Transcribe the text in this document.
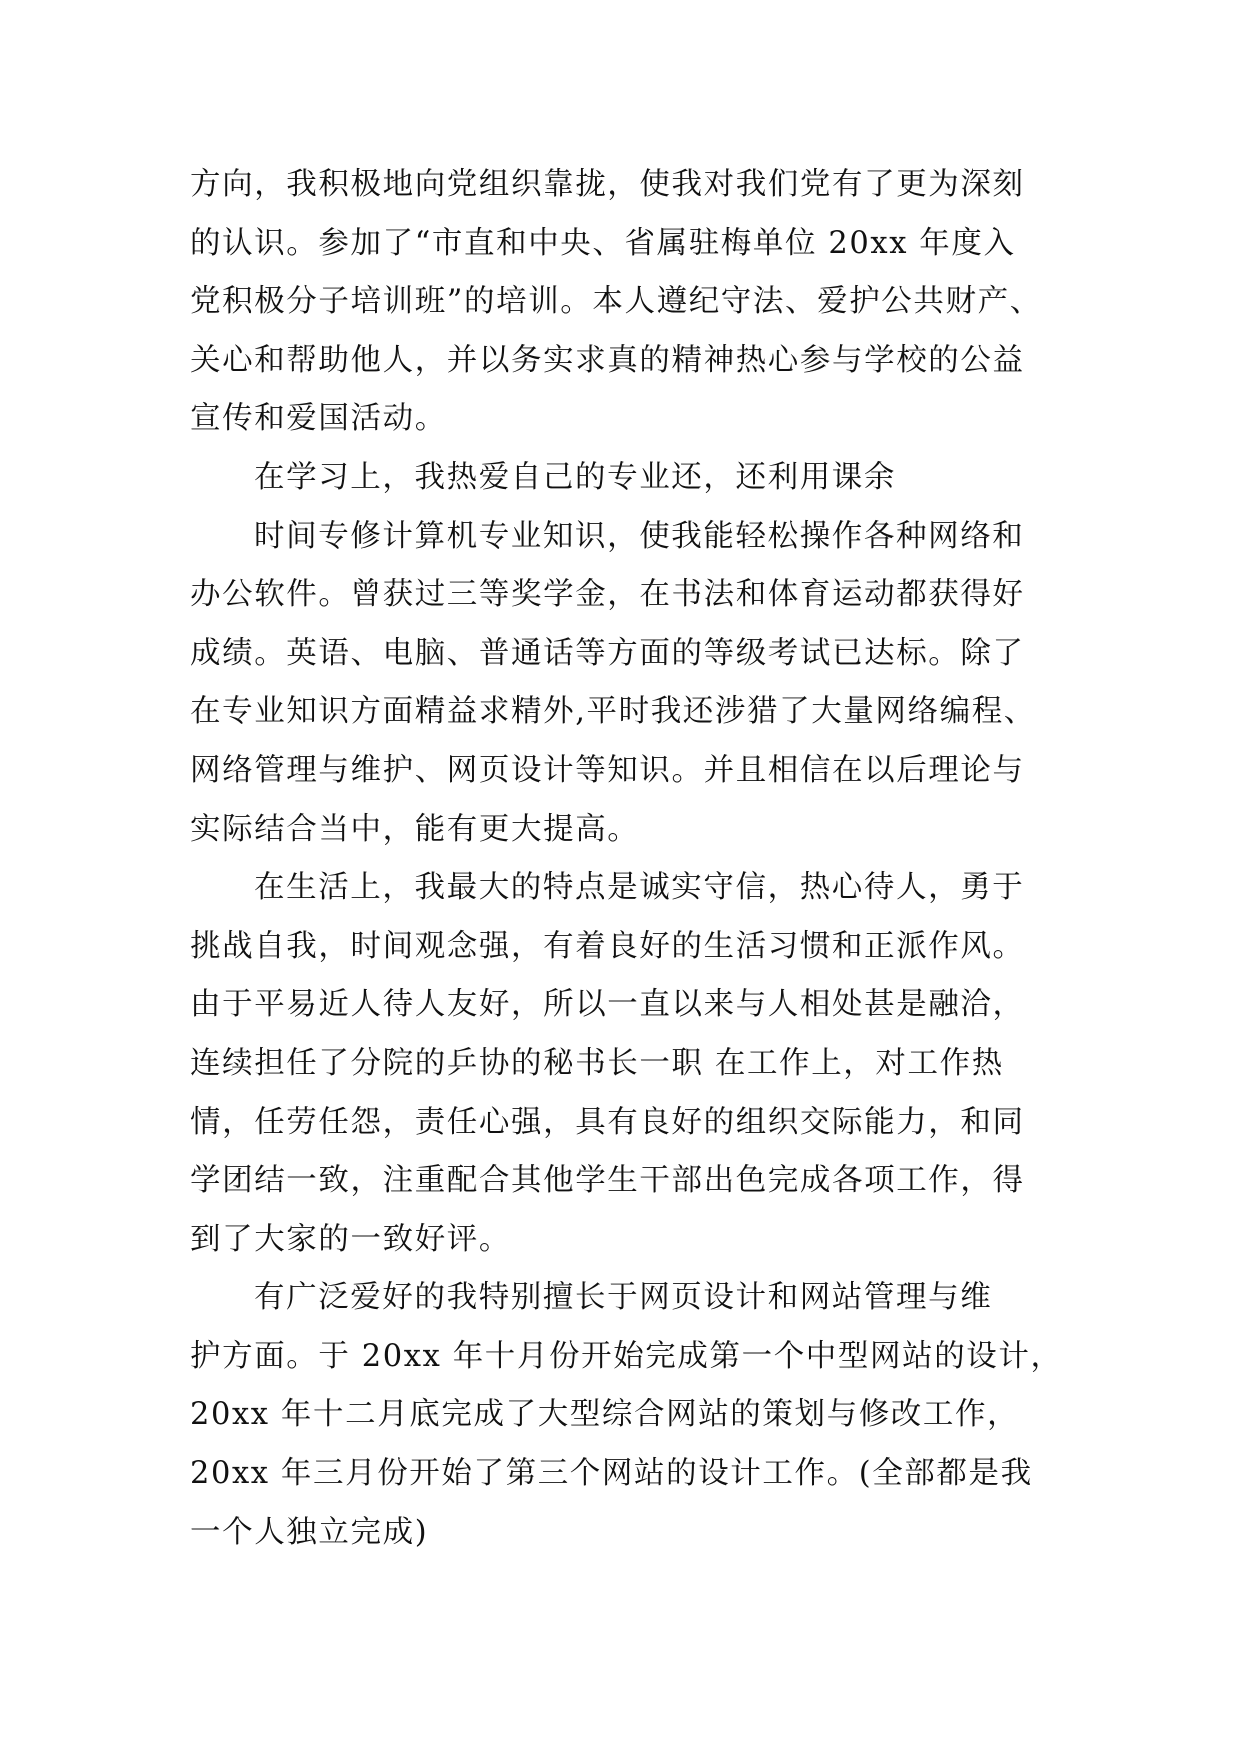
方向，我积极地向党组织靠拢，使我对我们党有了更为深刻
的认识。参加了“市直和中央、省属驻梅单位 20xx 年度入
党积极分子培训班”的培训。本人遵纪守法、爱护公共财产、
关心和帮助他人，并以务实求真的精神热心参与学校的公益
宣传和爱国活动。
在学习上，我热爱自己的专业还，还利用课余
时间专修计算机专业知识，使我能轻松操作各种网络和
办公软件。曾获过三等奖学金，在书法和体育运动都获得好
成绩。英语、电脑、普通话等方面的等级考试已达标。除了
在专业知识方面精益求精外,平时我还涉猎了大量网络编程、
网络管理与维护、网页设计等知识。并且相信在以后理论与
实际结合当中，能有更大提高。
在生活上，我最大的特点是诚实守信，热心待人，勇于
挑战自我，时间观念强，有着良好的生活习惯和正派作风。
由于平易近人待人友好，所以一直以来与人相处甚是融洽，
连续担任了分院的乒协的秘书长一职 在工作上，对工作热
情，任劳任怨，责任心强，具有良好的组织交际能力，和同
学团结一致，注重配合其他学生干部出色完成各项工作，得
到了大家的一致好评。
有广泛爱好的我特别擅长于网页设计和网站管理与维
护方面。于 20xx 年十月份开始完成第一个中型网站的设计，
20xx 年十二月底完成了大型综合网站的策划与修改工作，
20xx 年三月份开始了第三个网站的设计工作。(全部都是我
一个人独立完成)
